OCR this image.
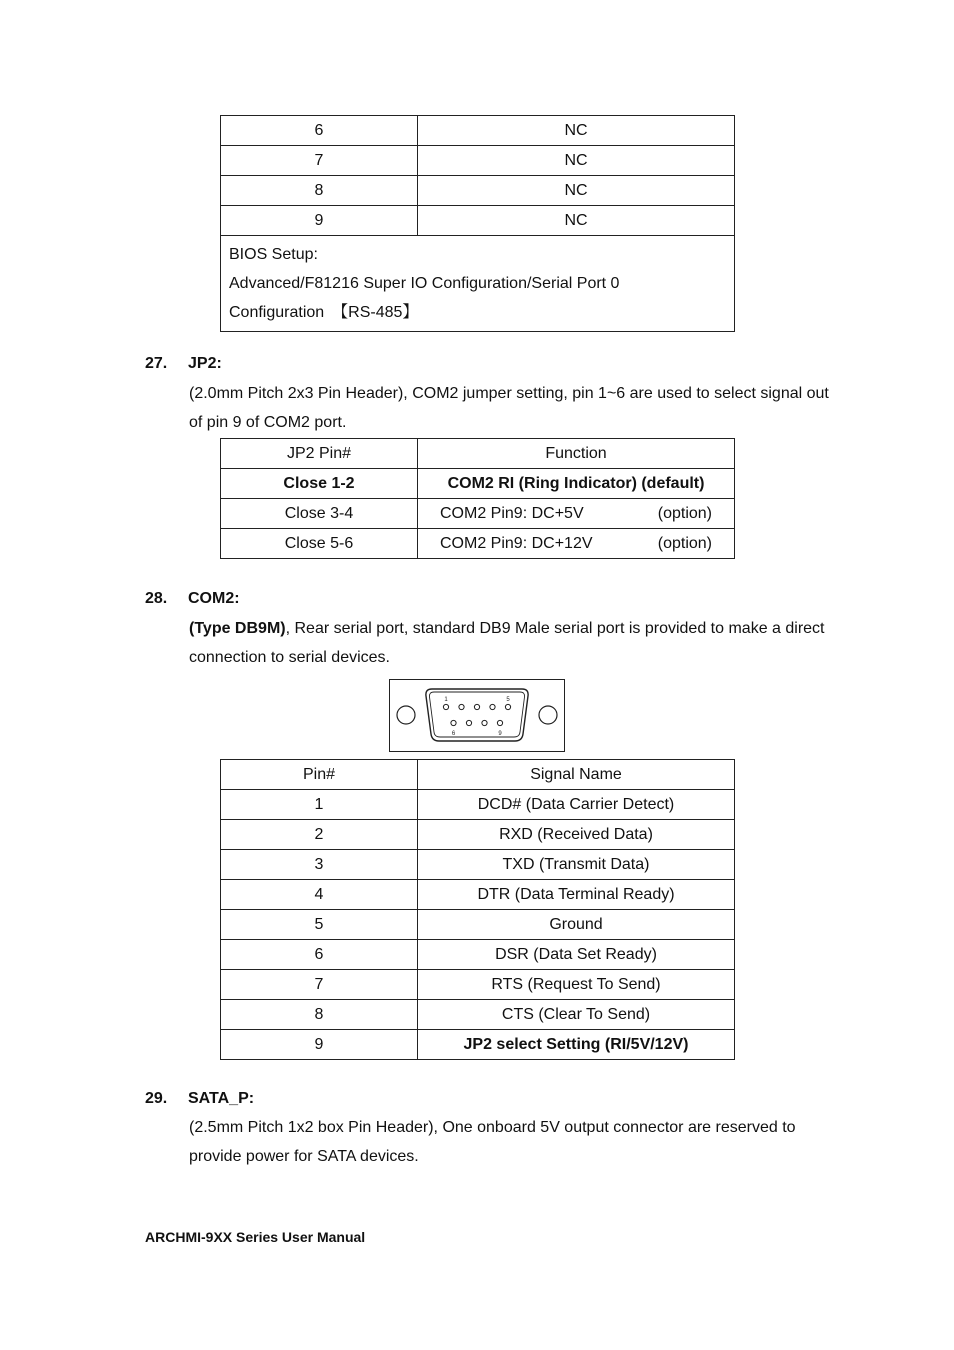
6	NC
7	NC
8	NC
9	NC

BIOS Setup:
Advanced/F81216 Super IO Configuration/Serial Port 0
Configuration　【RS-485】	
27. JP2:
(2.0mm Pitch 2x3 Pin Header), COM2 jumper setting, pin 1~6 are used to select signal out of pin 9 of COM2 port.
JP2 Pin#	Function
Close 1-2	COM2 RI (Ring Indicator) (default)
Close 3-4	COM2 Pin9: DC+5V (option)

Close 5-6	COM2 Pin9: DC+12V (option)
28. COM2:
(Type DB9M), Rear serial port, standard DB9 Male serial port is provided to make a direct connection to serial devices.
1	5
6	9
Pin#	Signal Name
1	DCD# (Data Carrier Detect)
2	RXD (Received Data)
3	TXD (Transmit Data)
4	DTR (Data Terminal Ready)
5	Ground
6	DSR (Data Set Ready)
7	RTS (Request To Send)
8	CTS (Clear To Send)
9	JP2 select Setting (RI/5V/12V)
29. SATA_P:
(2.5mm Pitch 1x2 box Pin Header), One onboard 5V output connector are reserved to provide power for SATA devices.
ARCHMI-9XX Series User Manual
